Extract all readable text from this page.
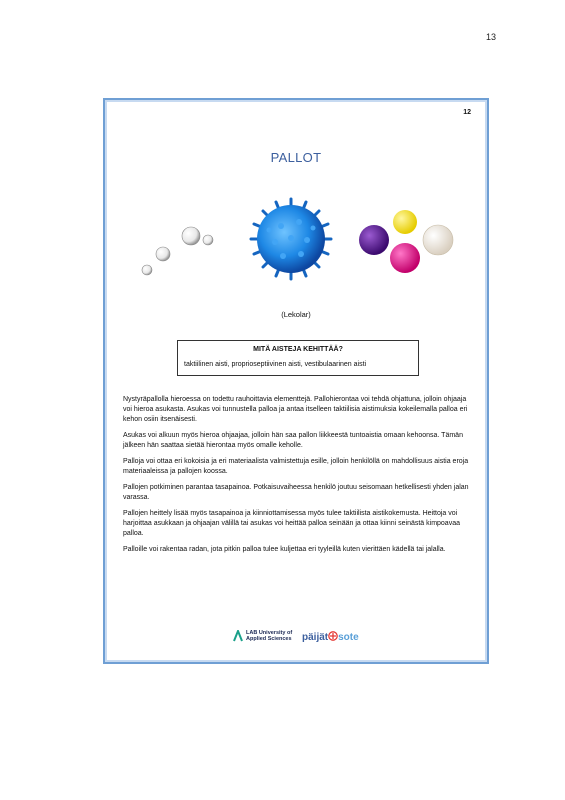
13
12
PALLOT
(Lekolar)
MITÄ AISTEJA KEHITTÄÄ?
taktiilinen aisti, proprioseptiivinen aisti, vestibulaarinen aisti

Nystyräpallolla hieroessa on todettu rauhoittavia elementtejä. Pallohierontaa voi tehdä ohjattuna, jolloin ohjaaja voi hieroa asukasta. Asukas voi tunnustella palloa ja antaa itselleen taktiilisia aistimuksia kokeilemalla palloa eri kehon osiin itsenäisesti.

Asukas voi alkuun myös hieroa ohjaajaa, jolloin hän saa pallon liikkeestä tuntoaistia omaan kehoonsa. Tämän jälkeen hän saattaa sietää hierontaa myös omalle keholle.

Palloja voi ottaa eri kokoisia ja eri materiaalista valmistettuja esille, jolloin henkilöllä on mahdollisuus aistia eroja materiaaleissa ja pallojen koossa.

Pallojen potkiminen parantaa tasapainoa. Potkaisuvaiheessa henkilö joutuu seisomaan hetkellisesti yhden jalan varassa.

Pallojen heittely lisää myös tasapainoa ja kiinniottamisessa myös tulee taktiilista aistikokemusta. Heittoja voi harjoittaa asukkaan ja ohjaajan välillä tai asukas voi heittää palloa seinään ja ottaa kiinni seinästä kimpoavaa palloa.

Palloille voi rakentaa radan, jota pitkin palloa tulee kuljettaa eri tyyleillä kuten vierittäen kädellä tai jalalla.

LAB University of
Applied Sciences päijät sote
